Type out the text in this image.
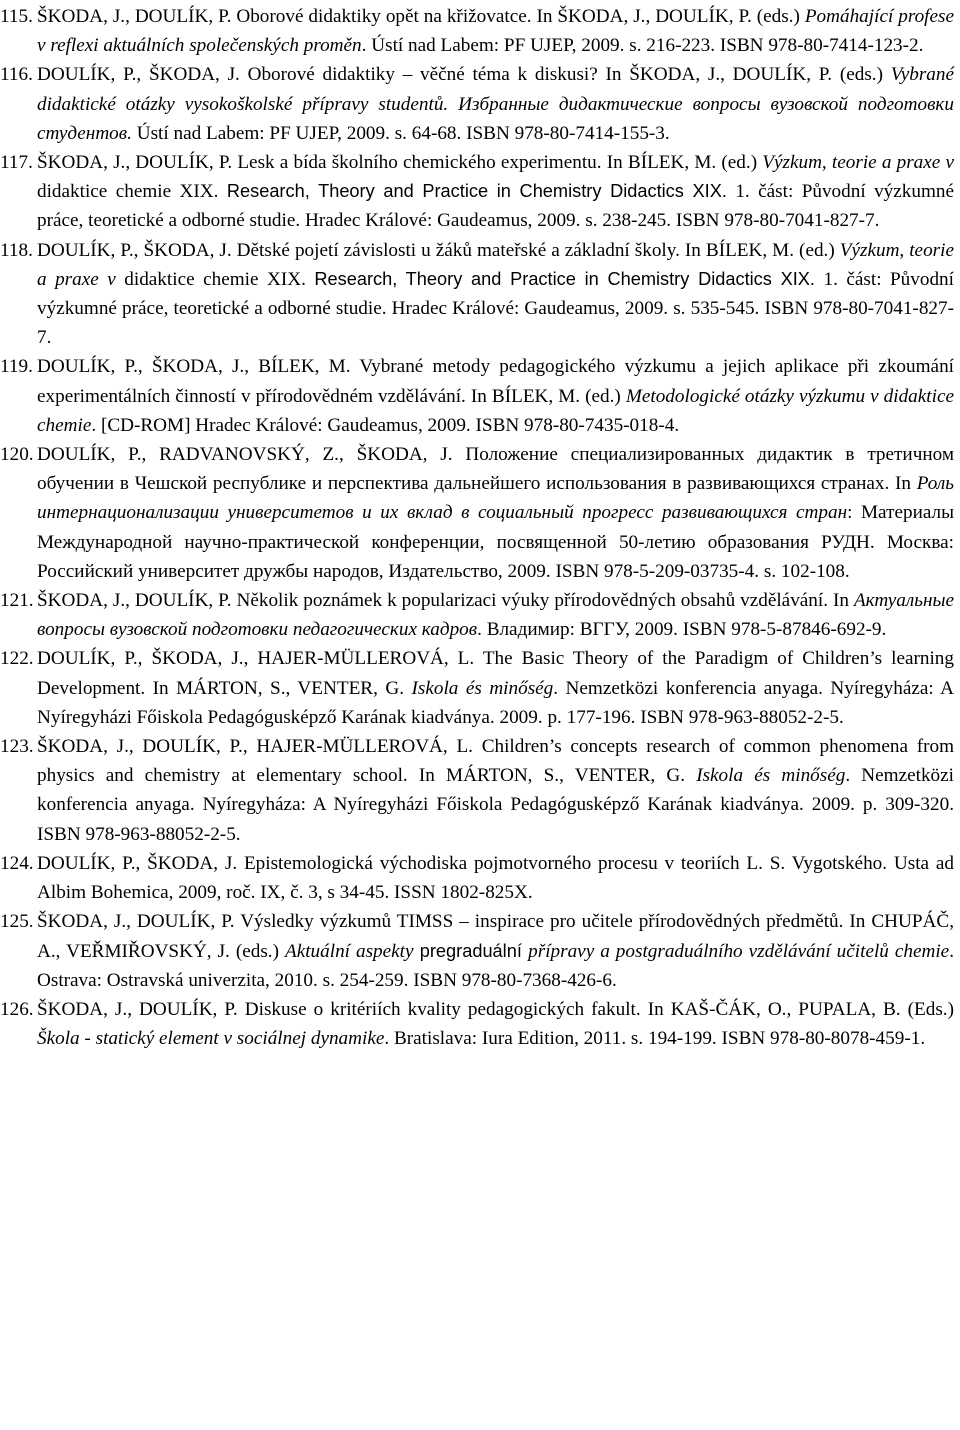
115. ŠKODA, J., DOULÍK, P. Oborové didaktiky opět na křižovatce. In ŠKODA, J., DOULÍK, P. (eds.) Pomáhající profese v reflexi aktuálních společenských proměn. Ústí nad Labem: PF UJEP, 2009. s. 216-223. ISBN 978-80-7414-123-2.

116. DOULÍK, P., ŠKODA, J. Oborové didaktiky – věčné téma k diskusi? In ŠKODA, J., DOULÍK, P. (eds.) Vybrané didaktické otázky vysokoškolské přípravy studentů. Избранные дидактические вопросы вузовской подготовки студентов. Ústí nad Labem: PF UJEP, 2009. s. 64-68. ISBN 978-80-7414-155-3.

117. ŠKODA, J., DOULÍK, P. Lesk a bída školního chemického experimentu. In BÍLEK, M. (ed.) Výzkum, teorie a praxe v didaktice chemie XIX. Research, Theory and Practice in Chemistry Didactics XIX. 1. část: Původní výzkumné práce, teoretické a odborné studie. Hradec Králové: Gaudeamus, 2009. s. 238-245. ISBN 978-80-7041-827-7.

118. DOULÍK, P., ŠKODA, J. Dětské pojetí závislosti u žáků mateřské a základní školy. In BÍLEK, M. (ed.) Výzkum, teorie a praxe v didaktice chemie XIX. Research, Theory and Practice in Chemistry Didactics XIX. 1. část: Původní výzkumné práce, teoretické a odborné studie. Hradec Králové: Gaudeamus, 2009. s. 535-545. ISBN 978-80-7041-827-7.

119. DOULÍK, P., ŠKODA, J., BÍLEK, M. Vybrané metody pedagogického výzkumu a jejich aplikace při zkoumání experimentálních činností v přírodovědném vzdělávání. In BÍLEK, M. (ed.) Metodologické otázky výzkumu v didaktice chemie. [CD-ROM] Hradec Králové: Gaudeamus, 2009. ISBN 978-80-7435-018-4.

120. DOULÍK, P., RADVANOVSKÝ, Z., ŠKODA, J. Положение специализированных дидактик в третичном обучении в Чешской республике и перспектива дальнейшего использования в развивающихся странах. In Роль интернационализации университетов и их вклад в социальный прогресс развивающихся стран: Материалы Международной научно-практической конференции, посвященной 50-летию образования РУДН. Москва: Российский университет дружбы народов, Издательство, 2009. ISBN 978-5-209-03735-4. s. 102-108.

121. ŠKODA, J., DOULÍK, P. Několik poznámek k popularizaci výuky přírodovědných obsahů vzdělávání. In Актуальные вопросы вузовской подготовки педагогических кадров. Владимир: ВГГУ, 2009. ISBN 978-5-87846-692-9.

122. DOULÍK, P., ŠKODA, J., HAJER-MÜLLEROVÁ, L. The Basic Theory of the Paradigm of Children’s learning Development. In MÁRTON, S., VENTER, G. Iskola és minőség. Nemzetközi konferencia anyaga. Nyíregyháza: A Nyíregyházi Főiskola Pedagógusképző Karának kiadványa. 2009. p. 177-196. ISBN 978-963-88052-2-5.

123. ŠKODA, J., DOULÍK, P., HAJER-MÜLLEROVÁ, L. Children’s concepts research of common phenomena from physics and chemistry at elementary school. In MÁRTON, S., VENTER, G. Iskola és minőség. Nemzetközi konferencia anyaga. Nyíregyháza: A Nyíregyházi Főiskola Pedagógusképző Karának kiadványa. 2009. p. 309-320. ISBN 978-963-88052-2-5.

124. DOULÍK, P., ŠKODA, J. Epistemologická východiska pojmotvorného procesu v teoriích L. S. Vygotského. Usta ad Albim Bohemica, 2009, roč. IX, č. 3, s 34-45. ISSN 1802-825X.

125. ŠKODA, J., DOULÍK, P. Výsledky výzkumů TIMSS – inspirace pro učitele přírodovědných předmětů. In CHUPÁČ, A., VEŘMIŘOVSKÝ, J. (eds.) Aktuální aspekty pregraduální přípravy a postgraduálního vzdělávání učitelů chemie. Ostrava: Ostravská univerzita, 2010. s. 254-259. ISBN 978-80-7368-426-6.

126. ŠKODA, J., DOULÍK, P. Diskuse o kritériích kvality pedagogických fakult. In KAŠ-ČÁK, O., PUPALA, B. (Eds.) Škola - statický element v sociálnej dynamike. Bratislava: Iura Edition, 2011. s. 194-199. ISBN 978-80-8078-459-1.
